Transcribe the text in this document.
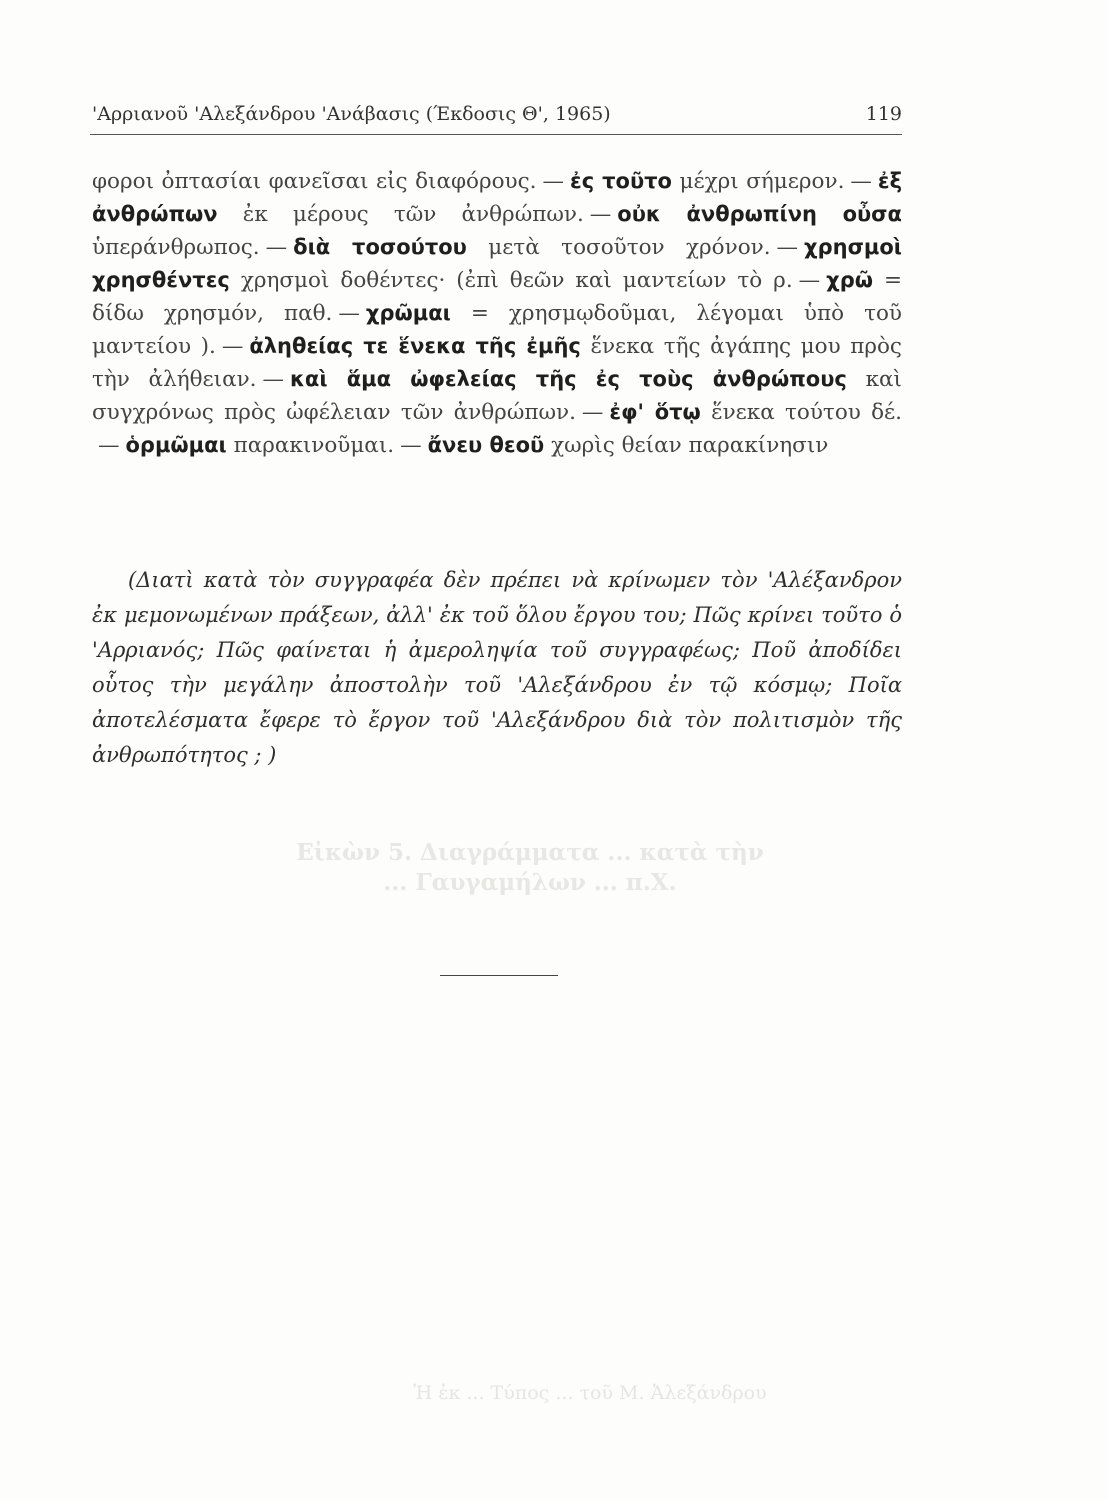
'Αρριανοῦ 'Αλεξάνδρου 'Ανάβασις (Έκδοσις Θ', 1965)	119
φοροι ὀπτασίαι φανεῖσαι εἰς διαφόρους. — ἐς τοῦτο μέχρι σήμερον. — ἐξ ἀνθρώπων ἐκ μέρους τῶν ἀνθρώπων. — οὐκ ἀνθρωπίνη οὖσα ὑπεράνθρωπος. — διὰ τοσούτου μετὰ τοσοῦτον χρόνον. — χρησμοὶ χρησθέντες χρησμοὶ δοθέντες· (ἐπὶ θεῶν καὶ μαντείων τὸ ρ. — χρῶ = δίδω χρησμόν, παθ. — χρῶμαι = χρησμῳδοῦμαι, λέγομαι ὑπὸ τοῦ μαντείου ). — ἀληθείας τε ἕνεκα τῆς ἐμῆς ἕνεκα τῆς ἀγάπης μου πρὸς τὴν ἀλήθειαν. — καὶ ἅμα ὠφελείας τῆς ἐς τοὺς ἀνθρώπους καὶ συγχρόνως πρὸς ὠφέλειαν τῶν ἀνθρώπων. — ἐφ' ὅτῳ ἕνεκα τούτου δέ.— ὁρμῶμαι παρακινοῦμαι. — ἄνευ θεοῦ χωρὶς θείαν παρακίνησιν
(Διατὶ κατὰ τὸν συγγραφέα δὲν πρέπει νὰ κρίνωμεν τὸν 'Αλέξανδρον ἐκ μεμονωμένων πράξεων, ἀλλ' ἐκ τοῦ ὅλου ἔργου του; Πῶς κρίνει τοῦτο ὁ 'Αρριανός; Πῶς φαίνεται ἡ ἀμεροληψία τοῦ συγγραφέως; Ποῦ ἀποδίδει οὗτος τὴν μεγάλην ἀποστολὴν τοῦ 'Αλεξάνδρου ἐν τῷ κόσμῳ; Ποῖα ἀποτελέσματα ἔφερε τὸ ἔργον τοῦ 'Αλεξάνδρου διὰ τὸν πολιτισμὸν τῆς ἀνθρωπότητος ; )
Εἰκὼν 5. Διαγράμματα ... κατὰ τὴν
... Γαυγαμήλων ... π.Χ.
Ἡ ἐκ ... Τύπος ... τοῦ Μ. Ἀλεξάνδρου
